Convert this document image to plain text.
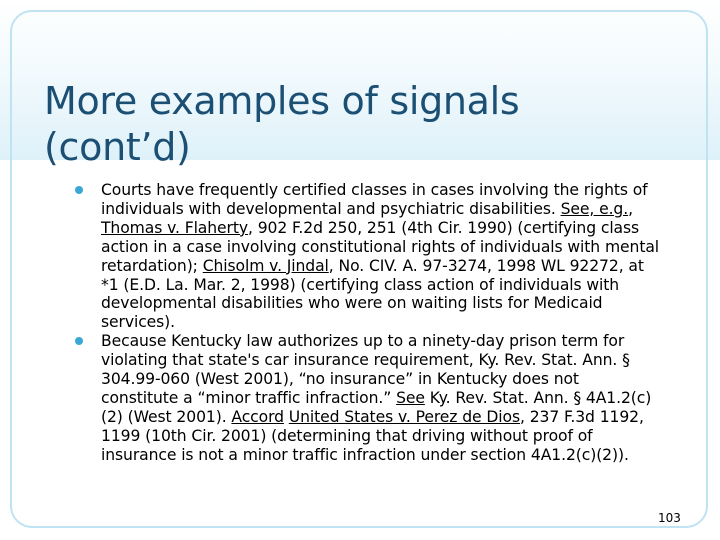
More examples of signals
(cont’d)
Courts have frequently certified classes in cases involving the rights of individuals with developmental and psychiatric disabilities. See, e.g., Thomas v. Flaherty, 902 F.2d 250, 251 (4th Cir. 1990) (certifying class action in a case involving constitutional rights of individuals with mental retardation); Chisolm v. Jindal, No. CIV. A. 97-3274, 1998 WL 92272, at *1 (E.D. La. Mar. 2, 1998) (certifying class action of individuals with developmental disabilities who were on waiting lists for Medicaid services).
Because Kentucky law authorizes up to a ninety-day prison term for violating that state's car insurance requirement, Ky. Rev. Stat. Ann. § 304.99-060 (West 2001), “no insurance” in Kentucky does not constitute a “minor traffic infraction.” See Ky. Rev. Stat. Ann. § 4A1.2(c)(2) (West 2001). Accord United States v. Perez de Dios, 237 F.3d 1192, 1199 (10th Cir. 2001) (determining that driving without proof of insurance is not a minor traffic infraction under section 4A1.2(c)(2)).
103
